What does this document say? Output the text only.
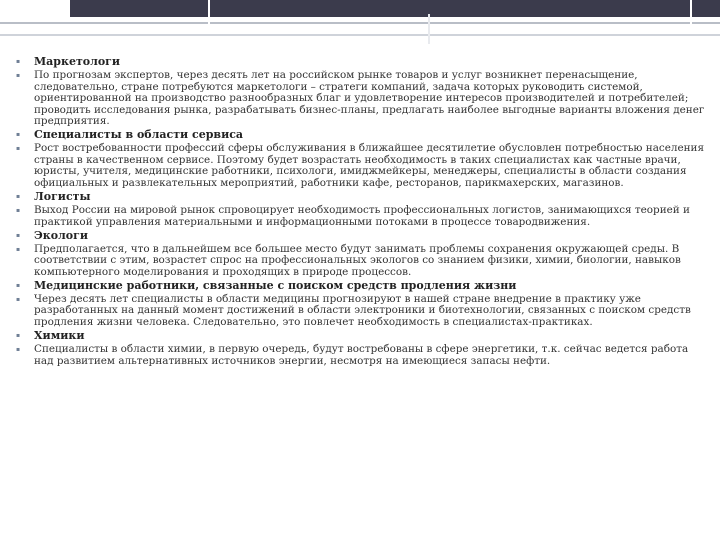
▪ Маркетологи
▪ По прогнозам экспертов, через десять лет на российском рынке товаров и услуг возникнет перенасыщение, следовательно, стране потребуются маркетологи – стратеги компаний, задача которых руководить системой, ориентированной на производство разнообразных благ и удовлетворение интересов производителей и потребителей; проводить исследования рынка, разрабатывать бизнес-планы, предлагать наиболее выгодные варианты вложения денег предприятия.
▪ Специалисты в области сервиса
▪ Рост востребованности профессий сферы обслуживания в ближайшее десятилетие обусловлен потребностью населения страны в качественном сервисе. Поэтому будет возрастать необходимость в таких специалистах как частные врачи, юристы, учителя, медицинские работники, психологи, имиджмейкеры, менеджеры, специалисты в области создания официальных и развлекательных мероприятий, работники кафе, ресторанов, парикмахерских, магазинов.
▪ Логисты
▪ Выход России на мировой рынок спровоцирует необходимость профессиональных логистов, занимающихся теорией и практикой управления материальными и информационными потоками в процессе товародвижения.
▪ Экологи
▪ Предполагается, что в дальнейшем все большее место будут занимать проблемы сохранения окружающей среды. В соответствии с этим, возрастет спрос на профессиональных экологов со знанием физики, химии, биологии, навыков компьютерного моделирования и проходящих в природе процессов.
▪ Медицинские работники, связанные с поиском средств продления жизни
▪ Через десять лет специалисты в области медицины прогнозируют в нашей стране внедрение в практику уже разработанных на данный момент достижений в области электроники и биотехнологии, связанных с поиском средств продления жизни человека. Следовательно, это повлечет необходимость в специалистах-практиках.
▪ Химики
▪ Специалисты в области химии, в первую очередь, будут востребованы в сфере энергетики, т.к. сейчас ведется работа над развитием альтернативных источников энергии, несмотря на имеющиеся запасы нефти.
